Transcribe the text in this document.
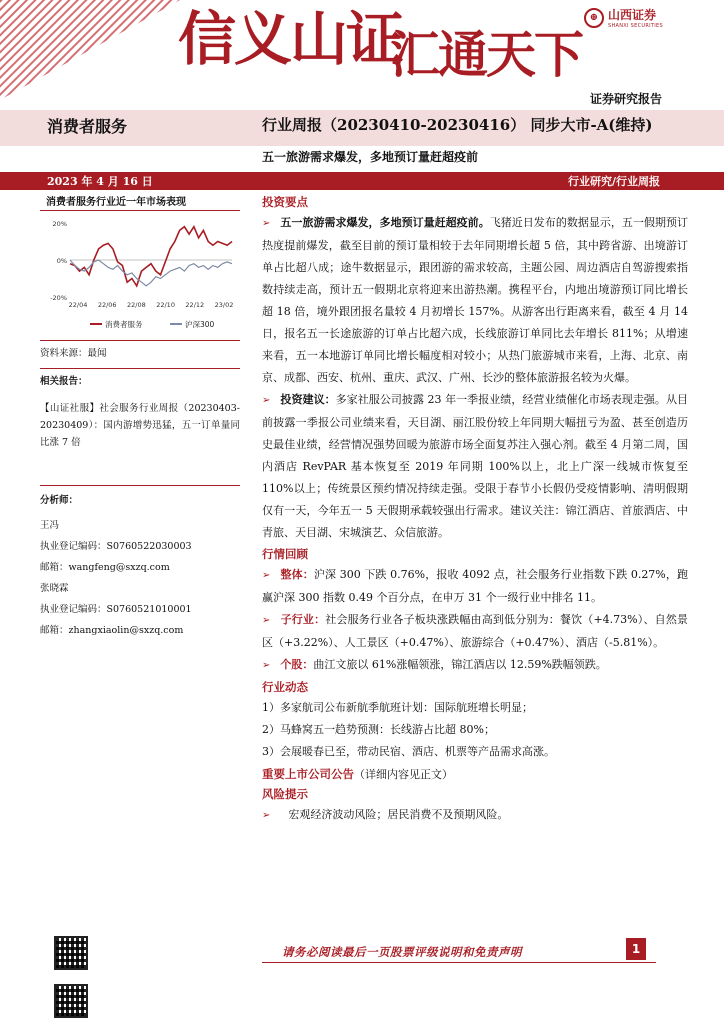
信义山证
汇通天下
⊕ 山西证券
SHANXI SECURITIES
证券研究报告
消费者服务	行业周报（20230410-20230416） 同步大市-A(维持)
五一旅游需求爆发，多地预订量赶超疫前
2023 年 4 月 16 日	行业研究/行业周报
消费者服务行业近一年市场表现
20%
0%
-20%
22/04 22/06 22/08 22/10 22/12 23/02
消费者服务	沪深300
资料来源：最闻
相关报告：
【山证社服】社会服务行业周报（20230403-20230409）：国内游增势迅猛，五一订单量同比涨 7 倍
分析师：
王冯
执业登记编码：S0760522030003
邮箱：wangfeng@sxzq.com
张晓霖
执业登记编码：S0760521010001
邮箱：zhangxiaolin@sxzq.com
投资要点
➢ 五一旅游需求爆发，多地预订量赶超疫前。飞猪近日发布的数据显示，五一假期预订热度提前爆发，截至目前的预订量相较于去年同期增长超 5 倍，其中跨省游、出境游订单占比超八成；途牛数据显示，跟团游的需求较高，主题公园、周边酒店自驾游搜索指数持续走高，预计五一假期北京将迎来出游热潮。携程平台，内地出境游预订同比增长超 18 倍，境外跟团报名量较 4 月初增长 157%。从游客出行距离来看，截至 4 月 14 日，报名五一长途旅游的订单占比超六成，长线旅游订单同比去年增长 811%；从增速来看，五一本地游订单同比增长幅度相对较小；从热门旅游城市来看，上海、北京、南京、成都、西安、杭州、重庆、武汉、广州、长沙的整体旅游报名较为火爆。
➢ 投资建议：多家社服公司披露 23 年一季报业绩，经营业绩催化市场表现走强。从目前披露一季报公司业绩来看，天目湖、丽江股份较上年同期大幅扭亏为盈、甚至创造历史最佳业绩，经营情况强势回暖为旅游市场全面复苏注入强心剂。截至 4 月第二周，国内酒店 RevPAR 基本恢复至 2019 年同期 100%以上，北上广深一线城市恢复至 110%以上；传统景区预约情况持续走强。受限于春节小长假仍受疫情影响、清明假期仅有一天，今年五一 5 天假期承载较强出行需求。建议关注：锦江酒店、首旅酒店、中青旅、天目湖、宋城演艺、众信旅游。
行情回顾
➢ 整体：沪深 300 下跌 0.76%，报收 4092 点，社会服务行业指数下跌 0.27%，跑赢沪深 300 指数 0.49 个百分点，在申万 31 个一级行业中排名 11。
➢ 子行业：社会服务行业各子板块涨跌幅由高到低分别为：餐饮（+4.73%）、自然景区（+3.22%）、人工景区（+0.47%）、旅游综合（+0.47%）、酒店（-5.81%）。
➢ 个股：曲江文旅以 61%涨幅领涨，锦江酒店以 12.59%跌幅领跌。
行业动态
1）多家航司公布新航季航班计划：国际航班增长明显；
2）马蜂窝五一趋势预测：长线游占比超 80%；
3）会展暖春已至，带动民宿、酒店、机票等产品需求高涨。
重要上市公司公告（详细内容见正文）
风险提示
➢ 宏观经济波动风险；居民消费不及预期风险。
请务必阅读最后一页股票评级说明和免责声明	1
